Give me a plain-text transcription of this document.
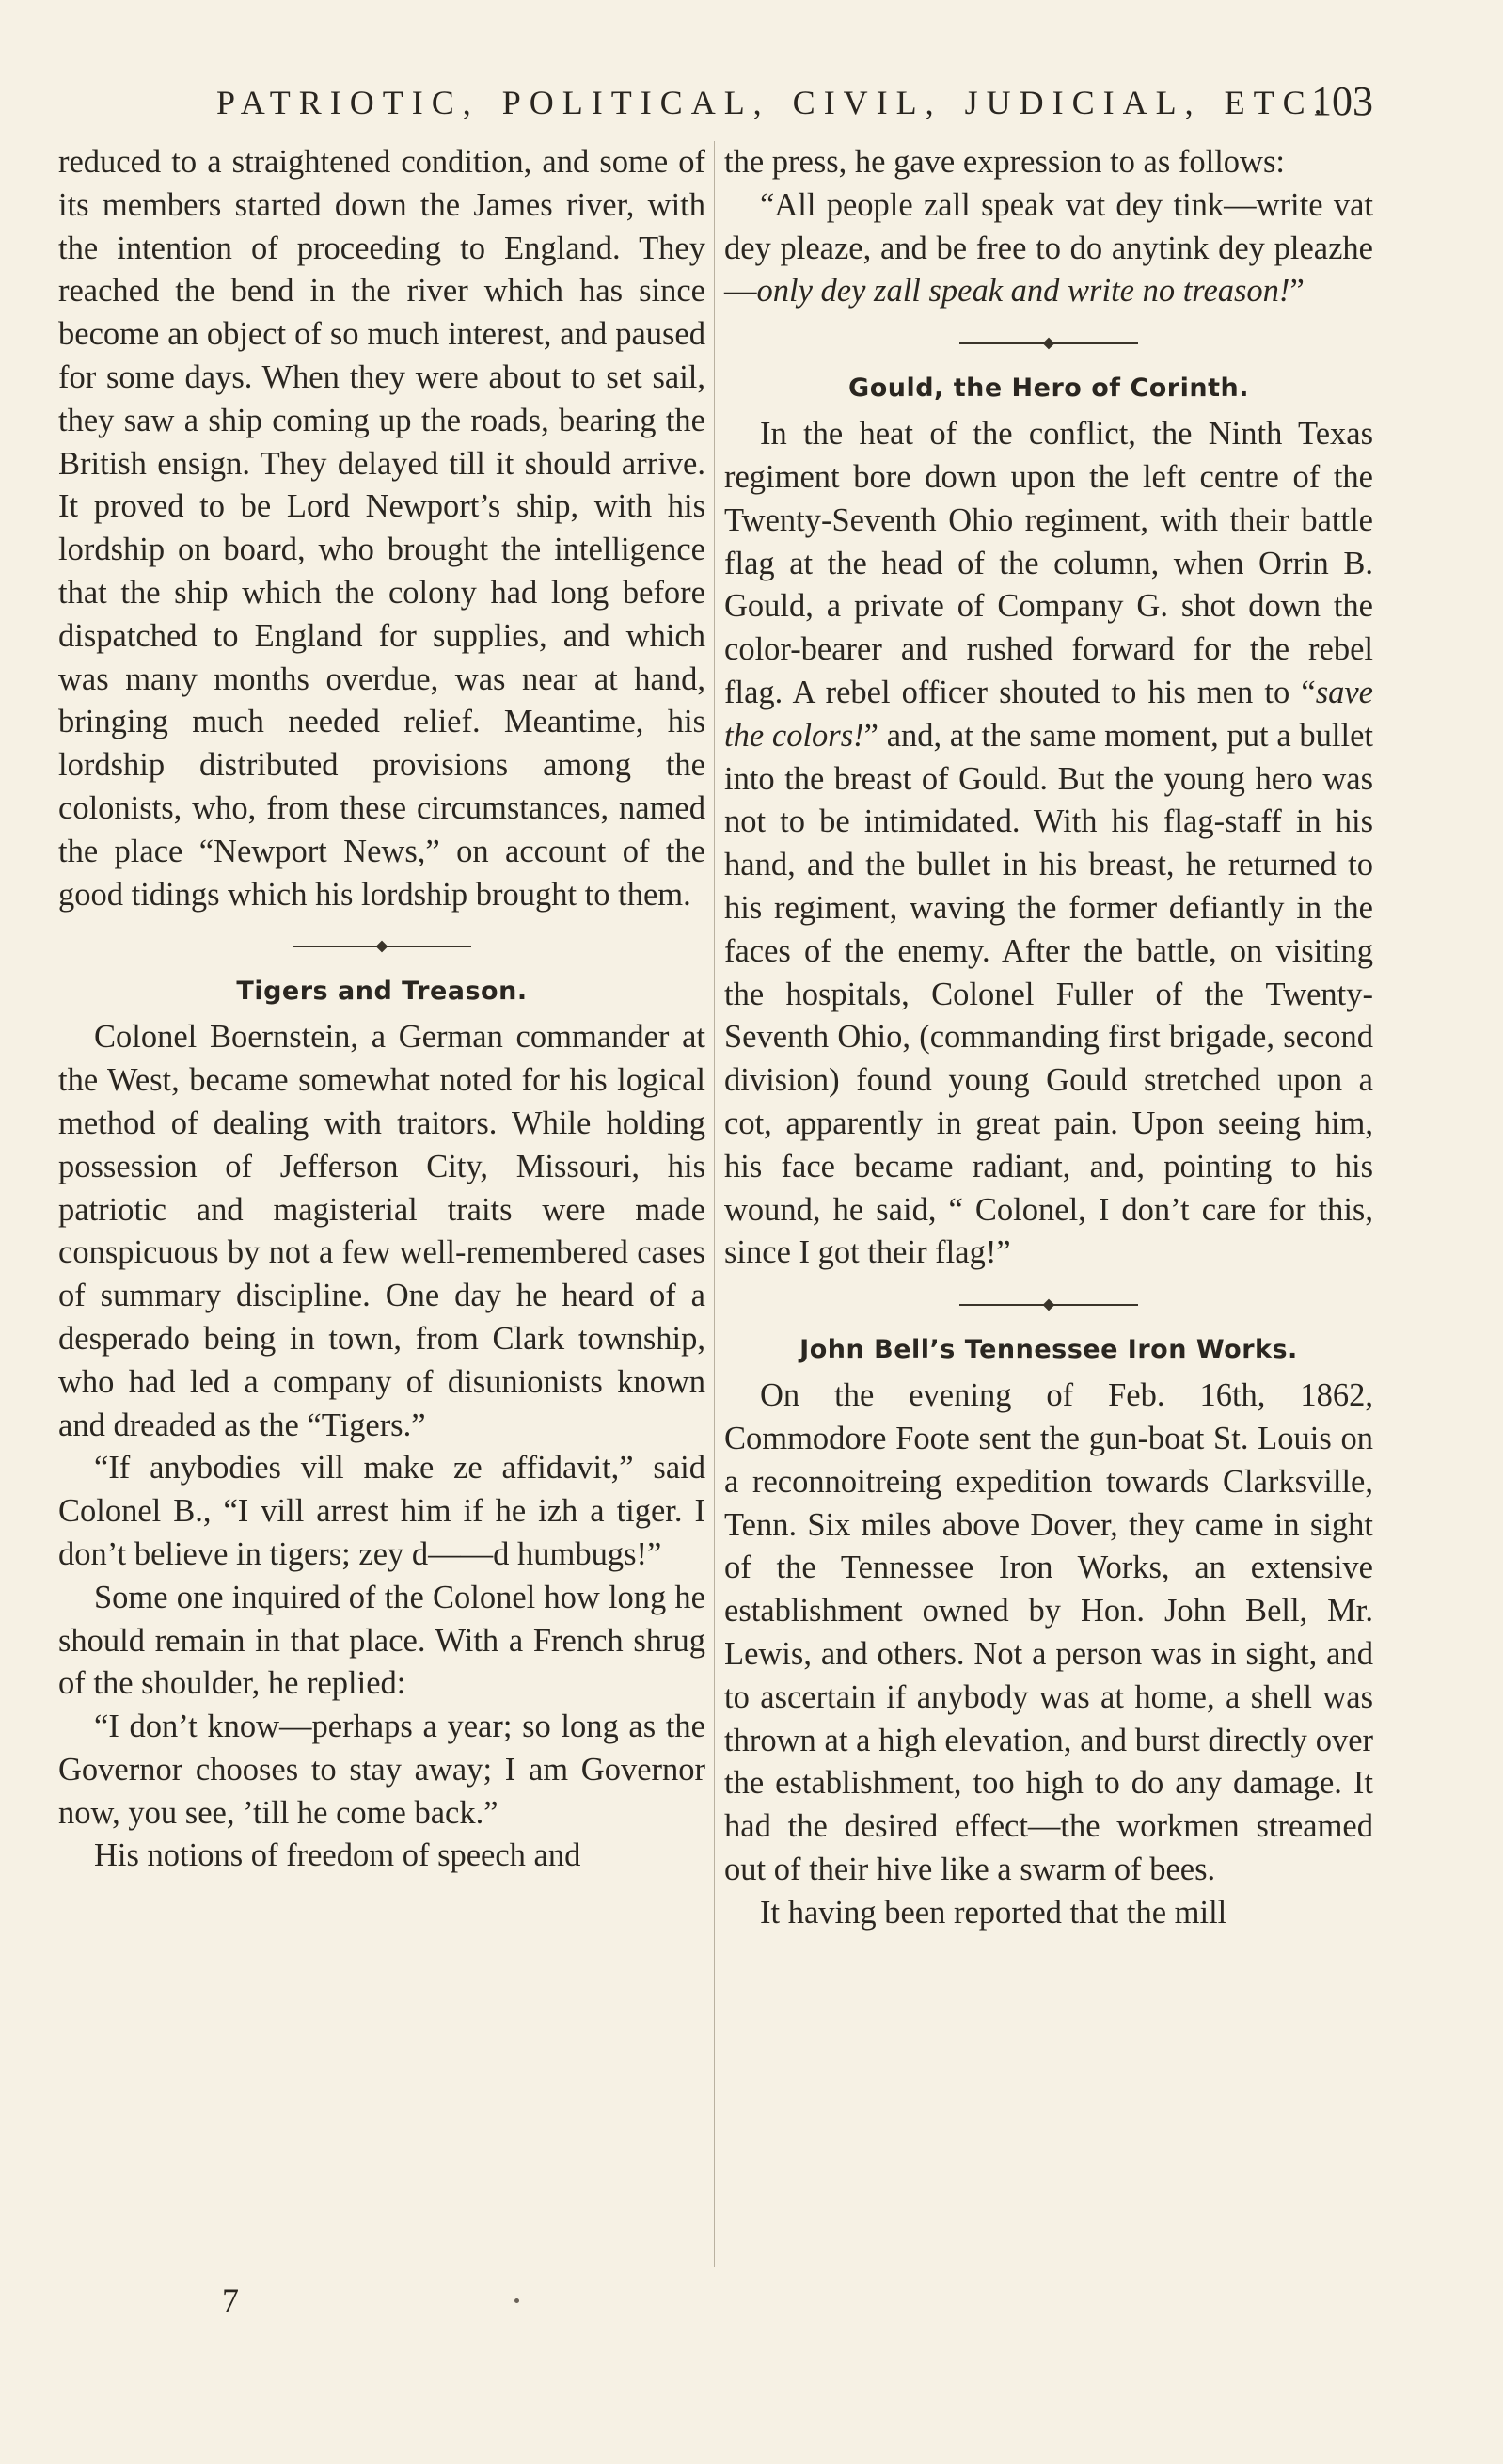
PATRIOTIC, POLITICAL, CIVIL, JUDICIAL, ETC.
103

reduced to a straightened condition, and some of its members started down the James river, with the intention of proceeding to England. They reached the bend in the river which has since become an object of so much interest, and paused for some days. When they were about to set sail, they saw a ship coming up the roads, bearing the British ensign. They delayed till it should arrive. It proved to be Lord Newport’s ship, with his lordship on board, who brought the intelligence that the ship which the colony had long before dispatched to England for supplies, and which was many months overdue, was near at hand, bringing much needed relief. Meantime, his lordship distributed provisions among the colonists, who, from these circumstances, named the place “Newport News,” on account of the good tidings which his lordship brought to them.

Tigers and Treason.

Colonel Boernstein, a German commander at the West, became somewhat noted for his logical method of dealing with traitors. While holding possession of Jefferson City, Missouri, his patriotic and magisterial traits were made conspicuous by not a few well-remembered cases of summary discipline. One day he heard of a desperado being in town, from Clark township, who had led a company of disunionists known and dreaded as the “Tigers.”

“If anybodies vill make ze affidavit,” said Colonel B., “I vill arrest him if he izh a tiger. I don’t believe in tigers; zey d——d humbugs!”

Some one inquired of the Colonel how long he should remain in that place. With a French shrug of the shoulder, he replied:

“I don’t know—perhaps a year; so long as the Governor chooses to stay away; I am Governor now, you see, ’till he come back.”

His notions of freedom of speech and

the press, he gave expression to as follows:

“All people zall speak vat dey tink—write vat dey pleaze, and be free to do anytink dey pleazhe—only dey zall speak and write no treason!”

Gould, the Hero of Corinth.

In the heat of the conflict, the Ninth Texas regiment bore down upon the left centre of the Twenty-Seventh Ohio regiment, with their battle flag at the head of the column, when Orrin B. Gould, a private of Company G. shot down the color-bearer and rushed forward for the rebel flag. A rebel officer shouted to his men to “save the colors!” and, at the same moment, put a bullet into the breast of Gould. But the young hero was not to be intimidated. With his flag-staff in his hand, and the bullet in his breast, he returned to his regiment, waving the former defiantly in the faces of the enemy. After the battle, on visiting the hospitals, Colonel Fuller of the Twenty-Seventh Ohio, (commanding first brigade, second division) found young Gould stretched upon a cot, apparently in great pain. Upon seeing him, his face became radiant, and, pointing to his wound, he said, “ Colonel, I don’t care for this, since I got their flag!”

John Bell’s Tennessee Iron Works.

On the evening of Feb. 16th, 1862, Commodore Foote sent the gun-boat St. Louis on a reconnoitreing expedition towards Clarksville, Tenn. Six miles above Dover, they came in sight of the Tennessee Iron Works, an extensive establishment owned by Hon. John Bell, Mr. Lewis, and others. Not a person was in sight, and to ascertain if anybody was at home, a shell was thrown at a high elevation, and burst directly over the establishment, too high to do any damage. It had the desired effect—the workmen streamed out of their hive like a swarm of bees.

It having been reported that the mill

7
